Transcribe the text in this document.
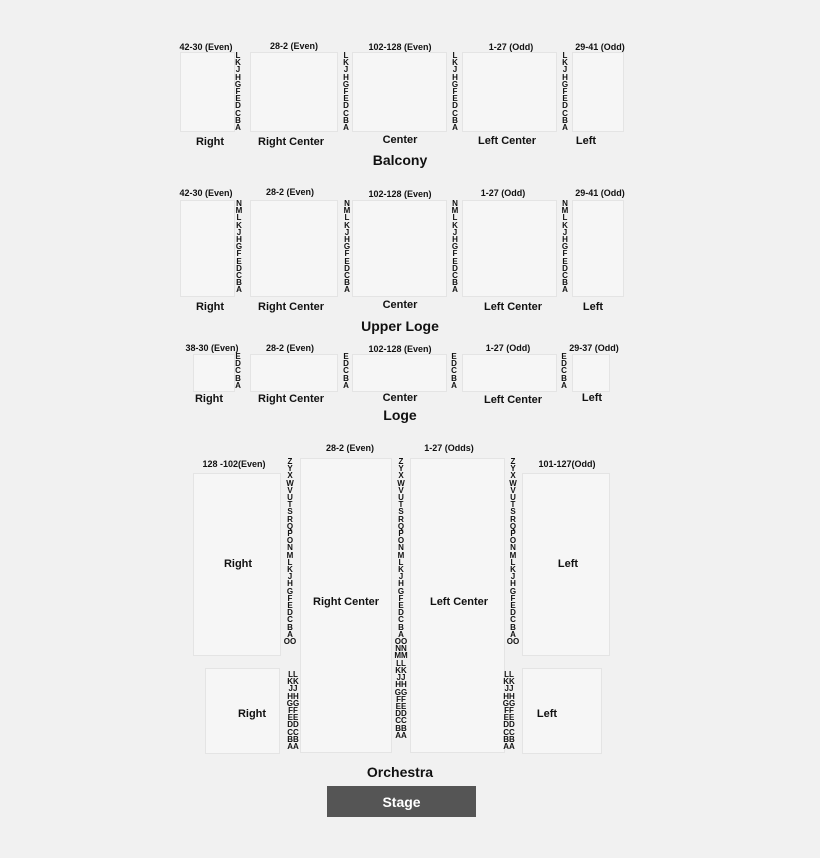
42-30 (Even)	28-2 (Even)	102-128 (Even)	1-27 (Odd)	29-41 (Odd)
L
K
J
H
G
F
E
D
C
B
A
L
K
J
H
G
F
E
D
C
B
A
L
K
J
H
G
F
E
D
C
B
A
L
K
J
H
G
F
E
D
C
B
A
Right	Right Center	Center	Left Center	Left
Balcony
42-30 (Even)	28-2 (Even)	102-128 (Even)	1-27 (Odd)	29-41 (Odd)
N
M
L
K
J
H
G
F
E
D
C
B
A
N
M
L
K
J
H
G
F
E
D
C
B
A
N
M
L
K
J
H
G
F
E
D
C
B
A
N
M
L
K
J
H
G
F
E
D
C
B
A
Right	Right Center	Center	Left Center	Left
Upper Loge
38-30 (Even)	28-2 (Even)	102-128 (Even)	1-27 (Odd)	29-37 (Odd)
E
D
C
B
A
E
D
C
B
A
E
D
C
B
A
E
D
C
B
A
Right	Right Center	Center	Left Center	Left
Loge
128 -102(Even)
28-2 (Even)	1-27 (Odds)
101-127(Odd)
Z
Y
X
W
V
U
T
S
R
Q
P
O
N
M
L
K
J
H
G
F
E
D
C
B
A
OO
Z
Y
X
W
V
U
T
S
R
Q
P
O
N
M
L
K
J
H
G
F
E
D
C
B
A
OO
NN
MM
LL
KK
JJ
HH
GG
FF
EE
DD
CC
BB
AA
Z
Y
X
W
V
U
T
S
R
Q
P
O
N
M
L
K
J
H
G
F
E
D
C
B
A
OO
LL
KK
JJ
HH
GG
FF
EE
DD
CC
BB
AA
LL
KK
JJ
HH
GG
FF
EE
DD
CC
BB
AA
Right
Right Center	Left Center
Left
Right	Left
Orchestra
Stage
